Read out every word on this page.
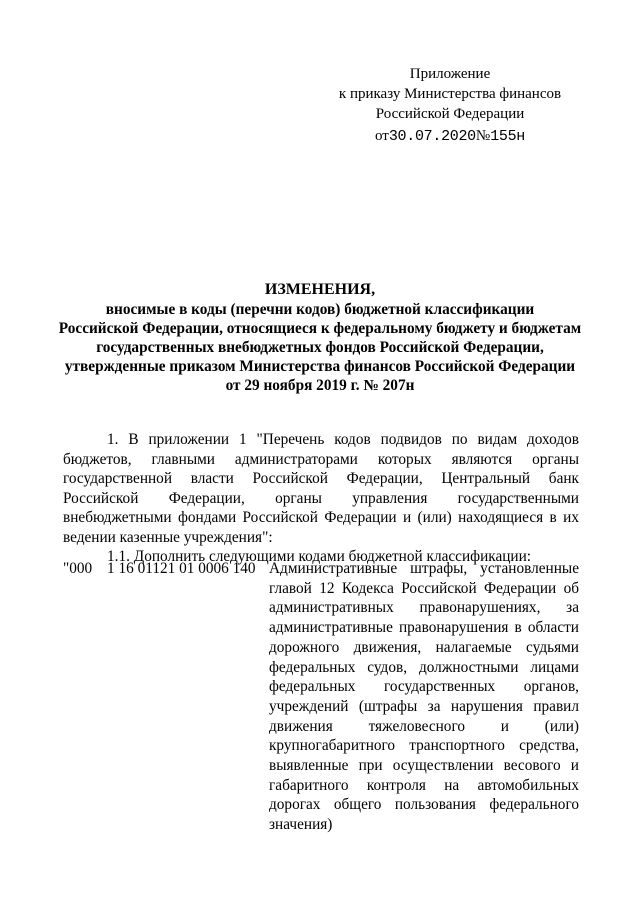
Приложение
к приказу Министерства финансов
Российской Федерации
от30.07.2020№155н
ИЗМЕНЕНИЯ,
вносимые в коды (перечни кодов) бюджетной классификации
Российской Федерации, относящиеся к федеральному бюджету и бюджетам
государственных внебюджетных фондов Российской Федерации,
утвержденные приказом Министерства финансов Российской Федерации
от 29 ноября 2019 г. № 207н

1. В приложении 1 "Перечень кодов подвидов по видам доходов бюджетов, главными администраторами которых являются органы государственной власти Российской Федерации, Центральный банк Российской Федерации, органы управления государственными внебюджетными фондами Российской Федерации и (или) находящиеся в их ведении казенные учреждения":

1.1. Дополнить следующими кодами бюджетной классификации:

"000 1 16 01121 01 0006 140 Административные штрафы, установленные главой 12 Кодекса Российской Федерации об административных правонарушениях, за административные правонарушения в области дорожного движения, налагаемые судьями федеральных судов, должностными лицами федеральных государственных органов, учреждений (штрафы за нарушения правил движения тяжеловесного и (или) крупногабаритного транспортного средства, выявленные при осуществлении весового и габаритного контроля на автомобильных дорогах общего пользования федерального значения)
